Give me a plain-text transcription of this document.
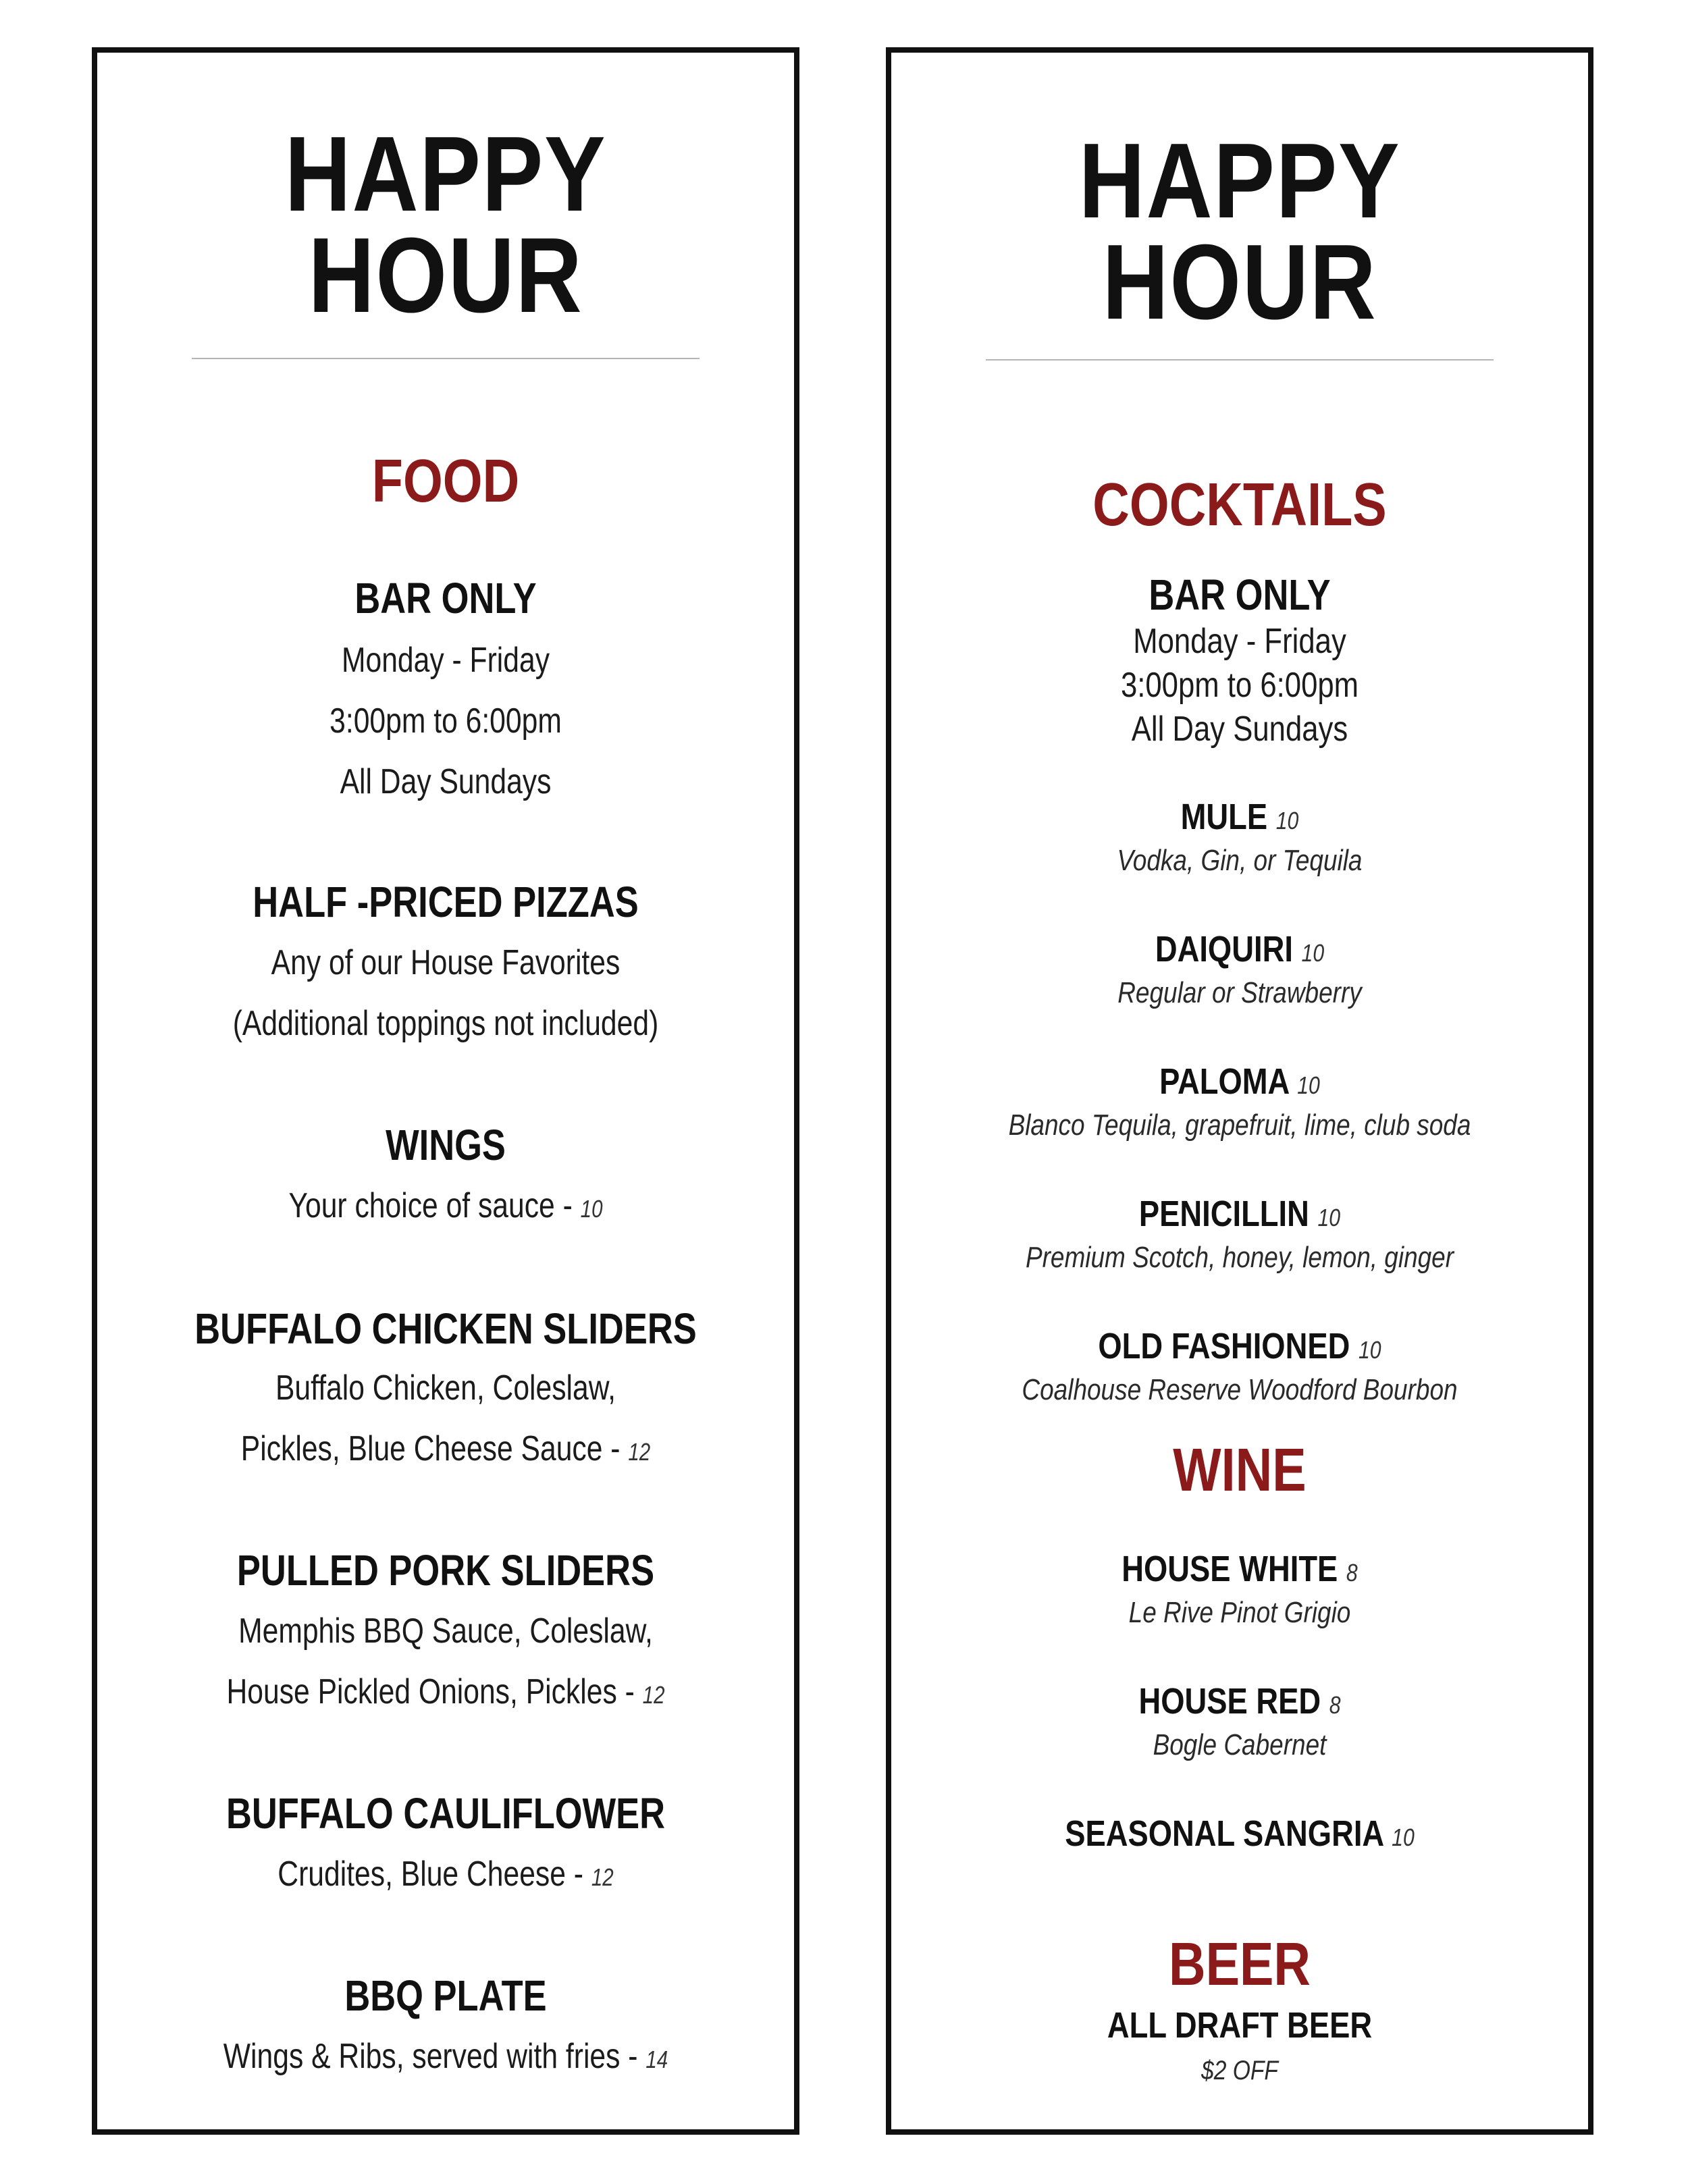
HAPPY
HOUR
FOOD
BAR ONLY
Monday - Friday
3:00pm to 6:00pm
All Day Sundays
HALF -PRICED PIZZAS
Any of our House Favorites
(Additional toppings not included)
WINGS
Your choice of sauce - 10
BUFFALO CHICKEN SLIDERS
Buffalo Chicken, Coleslaw,
Pickles, Blue Cheese Sauce - 12
PULLED PORK SLIDERS
Memphis BBQ Sauce, Coleslaw,
House Pickled Onions, Pickles - 12
BUFFALO CAULIFLOWER
Crudites, Blue Cheese - 12
BBQ PLATE
Wings & Ribs, served with fries - 14
HAPPY
HOUR
COCKTAILS
BAR ONLY
Monday - Friday
3:00pm to 6:00pm
All Day Sundays
MULE 10
Vodka, Gin, or Tequila
DAIQUIRI 10
Regular or Strawberry
PALOMA 10
Blanco Tequila, grapefruit, lime, club soda
PENICILLIN 10
Premium Scotch, honey, lemon, ginger
OLD FASHIONED 10
Coalhouse Reserve Woodford Bourbon
WINE
HOUSE WHITE 8
Le Rive Pinot Grigio
HOUSE RED 8
Bogle Cabernet
SEASONAL SANGRIA 10
BEER
ALL DRAFT BEER
$2 OFF
